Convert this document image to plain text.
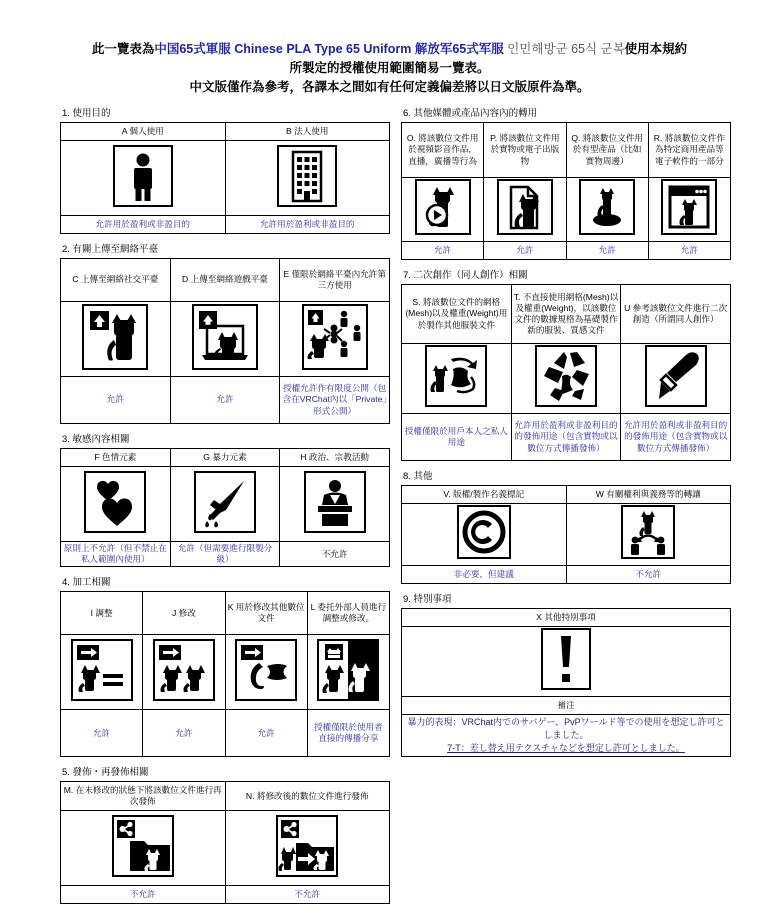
此一覽表為中国65式軍服 Chinese PLA Type 65 Uniform 解放军65式军服 인민해방군 65식 군복使用本規約
所製定的授權使用範圍簡易一覽表。
中文版僅作為參考，各譯本之間如有任何定義偏差將以日文版原件為準。
1. 使用目的
A 個人使用	B 法人使用

允許用於盈利或非盈目的	允許用於盈利或非盈目的
2. 有關上傳至網絡平臺
C 上傳至網絡社交平臺	D 上傳至網絡遊戲平臺	E 僅限於網絡平臺內允許第三方使用

允許	允許	授權允許作有限度公開（包含在VRChat內以「Private」形式公開）
3. 敏感內容相關
F 色情元素	G 暴力元素	H 政治、宗教活動

原則上不允許（但不禁止在私人範圍內使用）	允許（但需要進行限製分級）	不允許
4. 加工相關
I 調整	J 修改	K 用於修改其他數位文件	L 委托外部人員進行調整或修改。

允許	允許	允許	授權僅限於使用者直接的傳播分享
5. 發佈・再發佈相關
M. 在未修改的狀態下將該數位文件進行再次發佈	N. 將修改後的數位文件進行發佈

不允許	不允許
6. 其他媒體或產品內容內的轉用
O. 將該數位文件用於視頻影音作品，直播，廣播等行為	P. 將該數位文件用於實物或電子出版物	Q. 將該數位文件用於有型產品（比如實物周邊）	R. 將該數位文件作為特定商用產品等電子軟件的一部分

允許	允許	允許	允許
7. 二次創作（同人創作）相關
S. 將該數位文件的網格(Mesh)以及權重(Weight)用於製作其他服裝文件	T. 不直接使用網格(Mesh)以及權重(Weight)，以該數位文件的數據規格為基礎製作新的服裝、質感文件	U 參考該數位文件進行二次創造（所謂同人創作）

授權僅限於用戶本人之私人用途	允許用於盈利或非盈利目的的發佈用途（包含實物或以數位方式傳播發佈）	允許用於盈利或非盈利目的的發佈用途（包含實物或以數位方式傳播發佈）
8. 其他
V. 版權/製作名義標記	W 有關權利與義務等的轉讓

非必要，但建議	不允許
9. 特別事項
X 其他特別事項

補注

暴力的表現：VRChat内でのサバゲー、PvPワールド等での使用を想定し許可としました。
7-T：差し替え用テクスチャなどを想定し許可としました。
